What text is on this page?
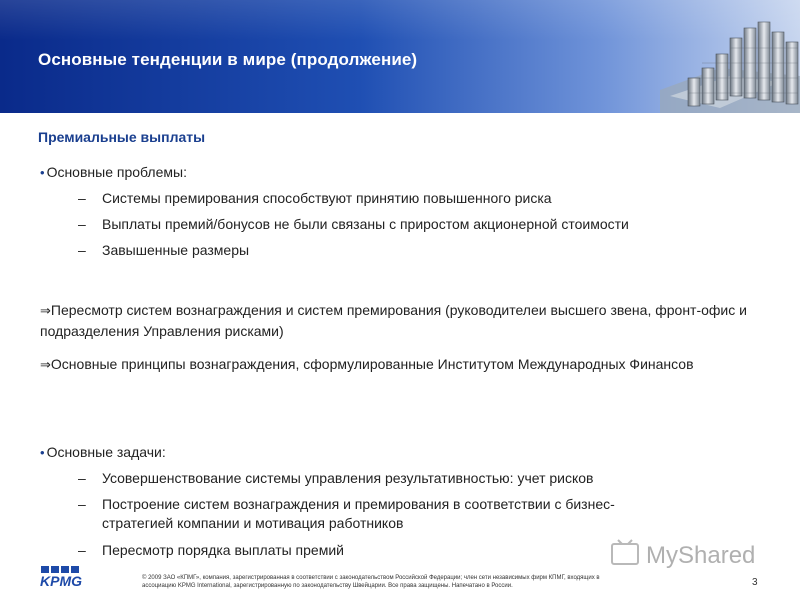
Основные тенденции в мире (продолжение)
Премиальные выплаты
• Основные проблемы:
– Системы премирования способствуют принятию повышенного риска
– Выплаты премий/бонусов не были связаны с приростом акционерной стоимости
– Завышенные размеры
⇒Пересмотр систем вознаграждения и систем премирования (руководителеи высшего звена, фронт-офис и подразделения Управления рисками)
⇒Основные принципы вознаграждения, сформулированные Институтом Международных Финансов
• Основные задачи:
– Усовершенствование системы управления результативностью: учет рисков
– Построение систем вознаграждения и премирования в соответствии с бизнес-
стратегией компании и мотивация работников
– Пересмотр порядка выплаты премий	MyShared
KPMG	© 2009 ЗАО «КПМГ», компания, зарегистрированная в соответствии с законодательством Российской Федерации; член сети независимых фирм КПМГ, входящих в
ассоциацию KPMG International, зарегистрированную по законодательству Швейцарии. Все права защищены. Напечатано в России.	3
